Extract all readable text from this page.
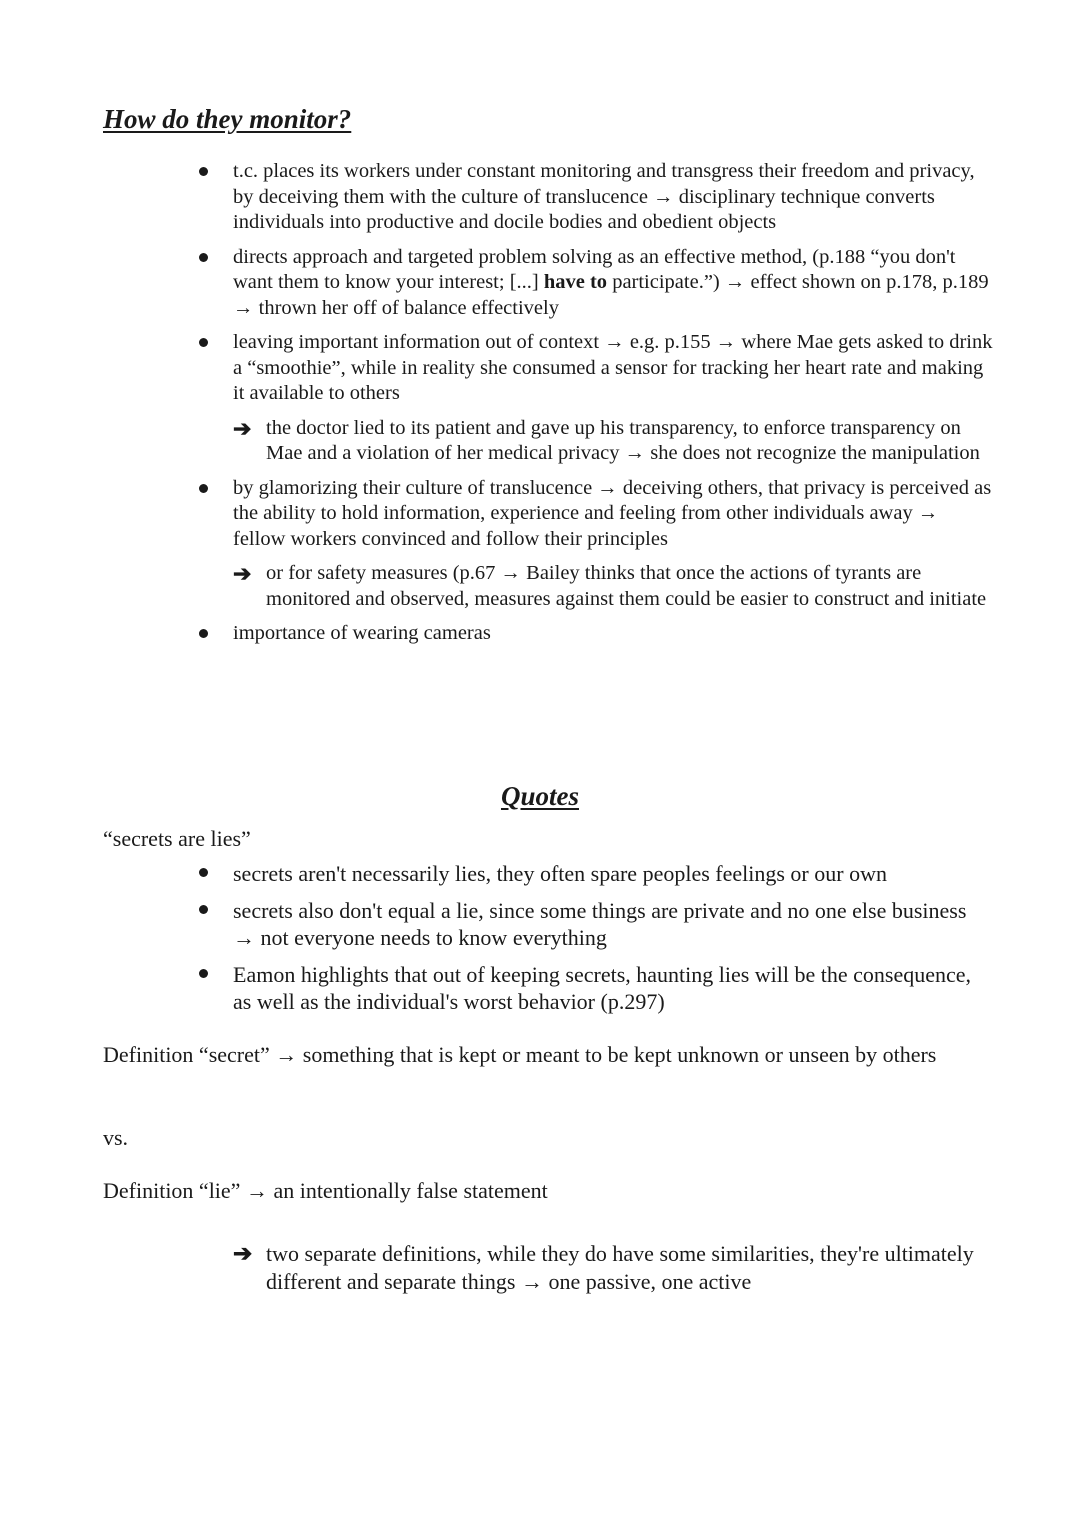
How do they monitor?
t.c. places its workers under constant monitoring and transgress their freedom and privacy, by deceiving them with the culture of translucence → disciplinary technique converts individuals into productive and docile bodies and obedient objects
directs approach and targeted problem solving as an effective method, (p.188 “you don't want them to know your interest; [...] have to participate.”) → effect shown on p.178, p.189 → thrown her off of balance effectively
leaving important information out of context → e.g. p.155 → where Mae gets asked to drink a “smoothie”, while in reality she consumed a sensor for tracking her heart rate and making it available to others
➔ the doctor lied to its patient and gave up his transparency, to enforce transparency on Mae and a violation of her medical privacy → she does not recognize the manipulation
by glamorizing their culture of translucence → deceiving others, that privacy is perceived as the ability to hold information, experience and feeling from other individuals away → fellow workers convinced and follow their principles
➔ or for safety measures (p.67 → Bailey thinks that once the actions of tyrants are monitored and observed, measures against them could be easier to construct and initiate
importance of wearing cameras
Quotes

“secrets are lies”

secrets aren't necessarily lies, they often spare peoples feelings or our own
secrets also don't equal a lie, since some things are private and no one else business → not everyone needs to know everything
Eamon highlights that out of keeping secrets, haunting lies will be the consequence, as well as the individual's worst behavior (p.297)

Definition “secret” → something that is kept or meant to be kept unknown or unseen by others

vs.

Definition “lie” → an intentionally false statement

➔ two separate definitions, while they do have some similarities, they're ultimately different and separate things → one passive, one active
